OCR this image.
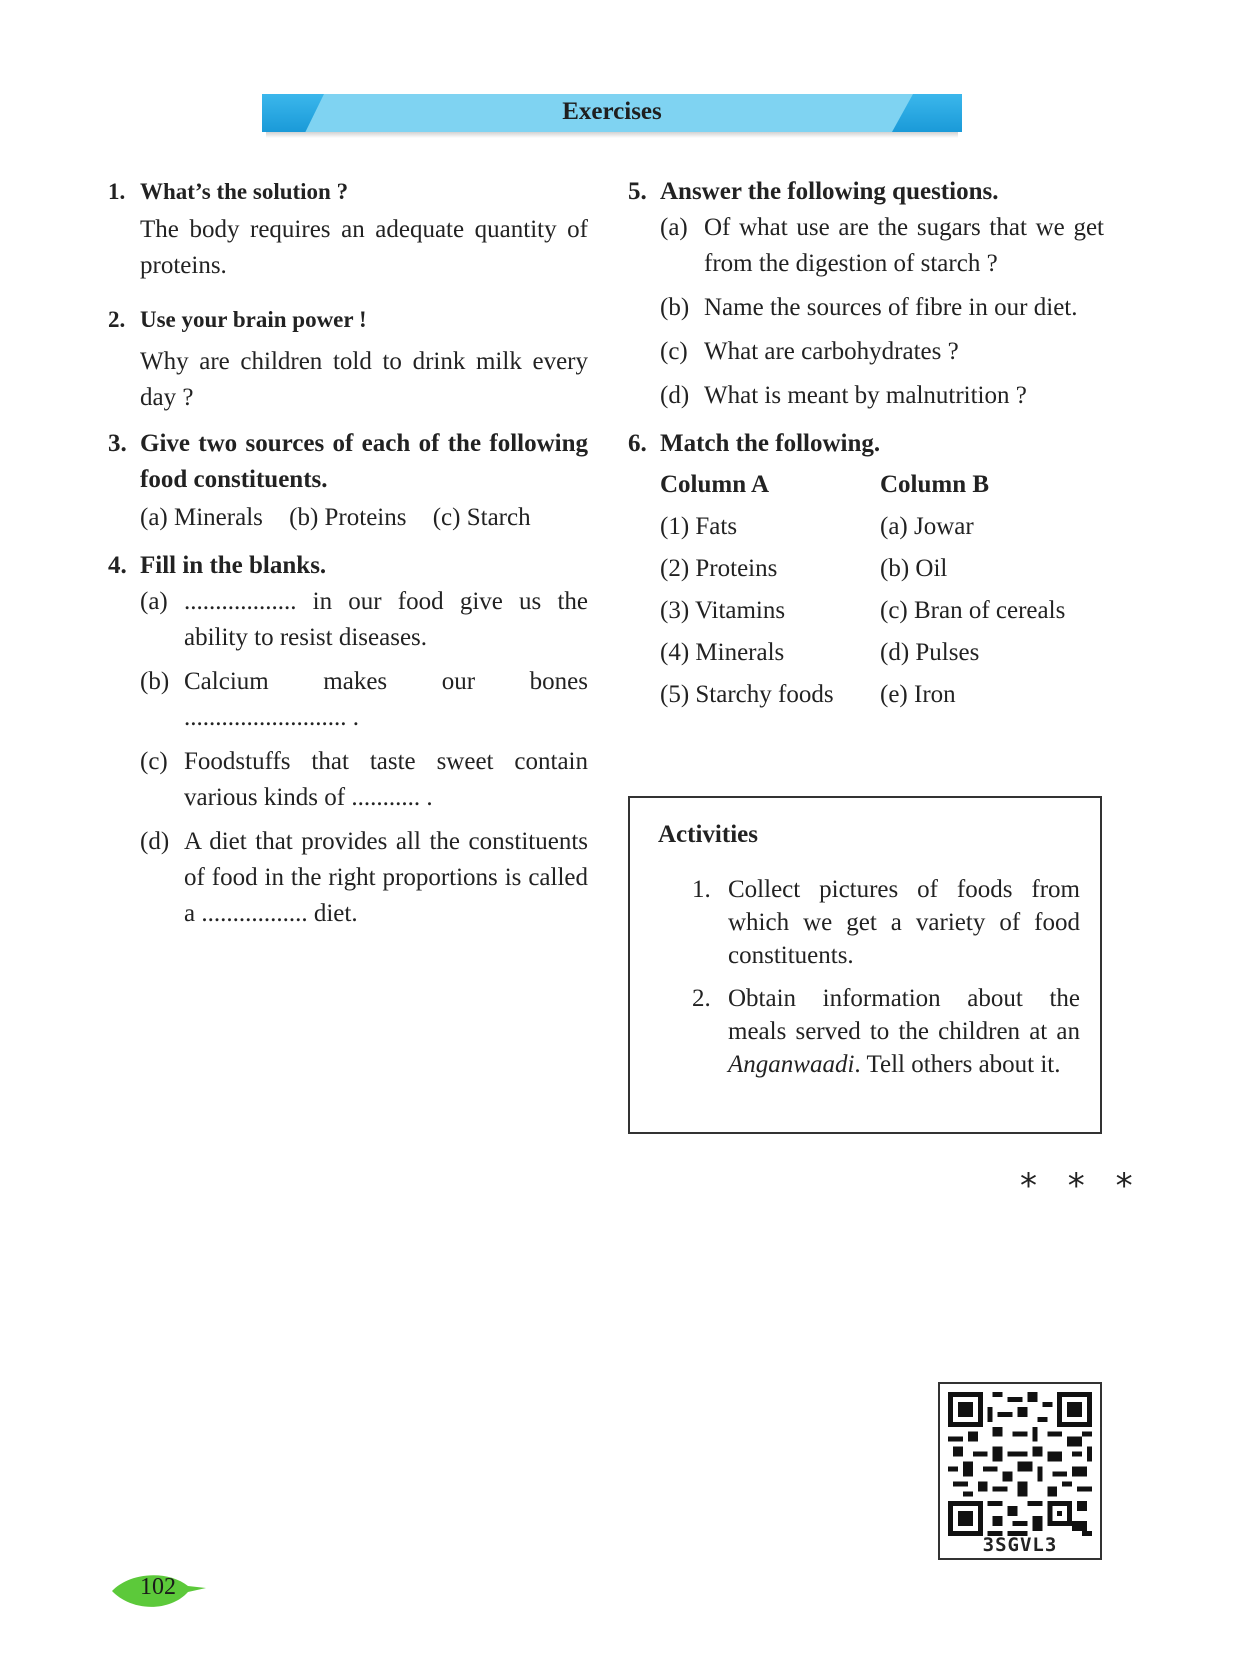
Exercises
1. What’s the solution ?
The body requires an adequate quantity of proteins.
2. Use your brain power !
Why are children told to drink milk every day ?
3. Give two sources of each of the following food constituents.
(a) Minerals (b) Proteins (c) Starch
4. Fill in the blanks.
(a) .................. in our food give us the ability to resist diseases.
(b) Calcium makes our bones .......................... .
(c) Foodstuffs that taste sweet contain various kinds of ........... .
(d) A diet that provides all the constituents of food in the right proportions is called a ................. diet.
5. Answer the following questions.
(a) Of what use are the sugars that we get from the digestion of starch ?
(b) Name the sources of fibre in our diet.
(c) What are carbohydrates ?
(d) What is meant by malnutrition ?
6. Match the following.
Column A	Column B
(1) Fats	(a) Jowar
(2) Proteins	(b) Oil
(3) Vitamins	(c) Bran of cereals
(4) Minerals	(d) Pulses
(5) Starchy foods	(e) Iron
Activities
1. Collect pictures of foods from which we get a variety of food constituents.
2. Obtain information about the meals served to the children at an Anganwaadi. Tell others about it.
* * *
3SGVL3
102
